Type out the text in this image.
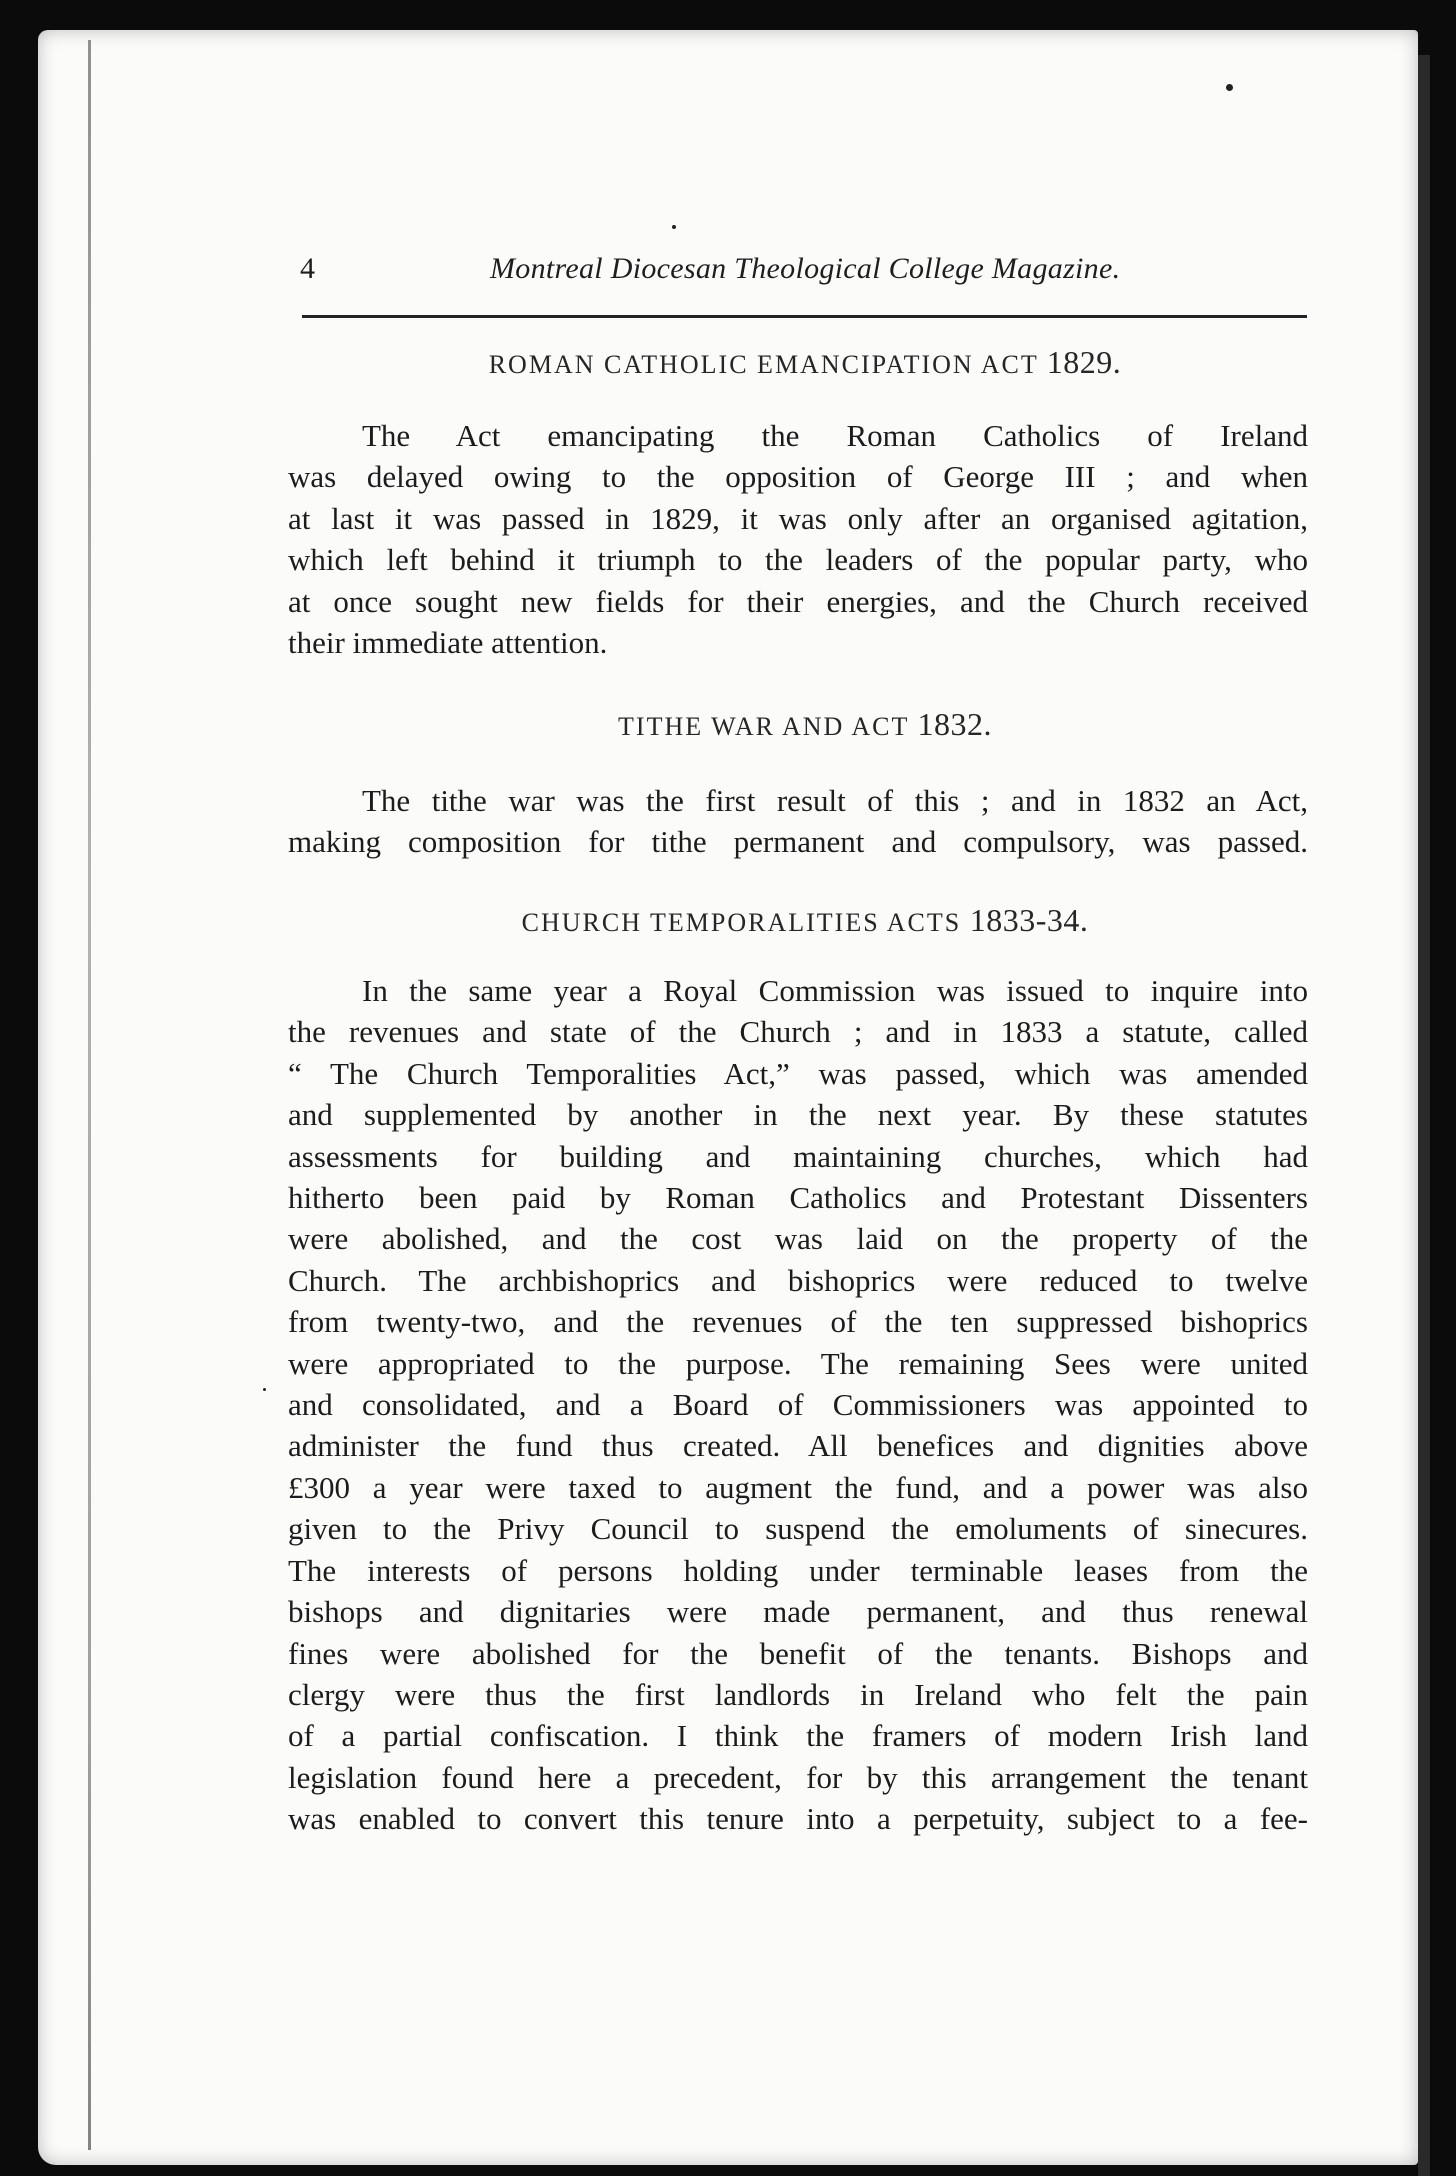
4	Montreal Diocesan Theological College Magazine.
ROMAN CATHOLIC EMANCIPATION ACT 1829.
The Act emancipating the Roman Catholics of Ireland
was delayed owing to the opposition of George III ; and when
at last it was passed in 1829, it was only after an organised agitation,
which left behind it triumph to the leaders of the popular party, who
at once sought new fields for their energies, and the Church received
their immediate attention.
TITHE WAR AND ACT 1832.
The tithe war was the first result of this ; and in 1832 an Act,
making composition for tithe permanent and compulsory, was passed.
CHURCH TEMPORALITIES ACTS 1833-34.
In the same year a Royal Commission was issued to inquire into
the revenues and state of the Church ; and in 1833 a statute, called
“ The Church Temporalities Act,” was passed, which was amended
and supplemented by another in the next year. By these statutes
assessments for building and maintaining churches, which had
hitherto been paid by Roman Catholics and Protestant Dissenters
were abolished, and the cost was laid on the property of the
Church. The archbishoprics and bishoprics were reduced to twelve
from twenty-two, and the revenues of the ten suppressed bishoprics
were appropriated to the purpose. The remaining Sees were united
and consolidated, and a Board of Commissioners was appointed to
administer the fund thus created. All benefices and dignities above
£300 a year were taxed to augment the fund, and a power was also
given to the Privy Council to suspend the emoluments of sinecures.
The interests of persons holding under terminable leases from the
bishops and dignitaries were made permanent, and thus renewal
fines were abolished for the benefit of the tenants. Bishops and
clergy were thus the first landlords in Ireland who felt the pain
of a partial confiscation. I think the framers of modern Irish land
legislation found here a precedent, for by this arrangement the tenant
was enabled to convert this tenure into a perpetuity, subject to a fee-
